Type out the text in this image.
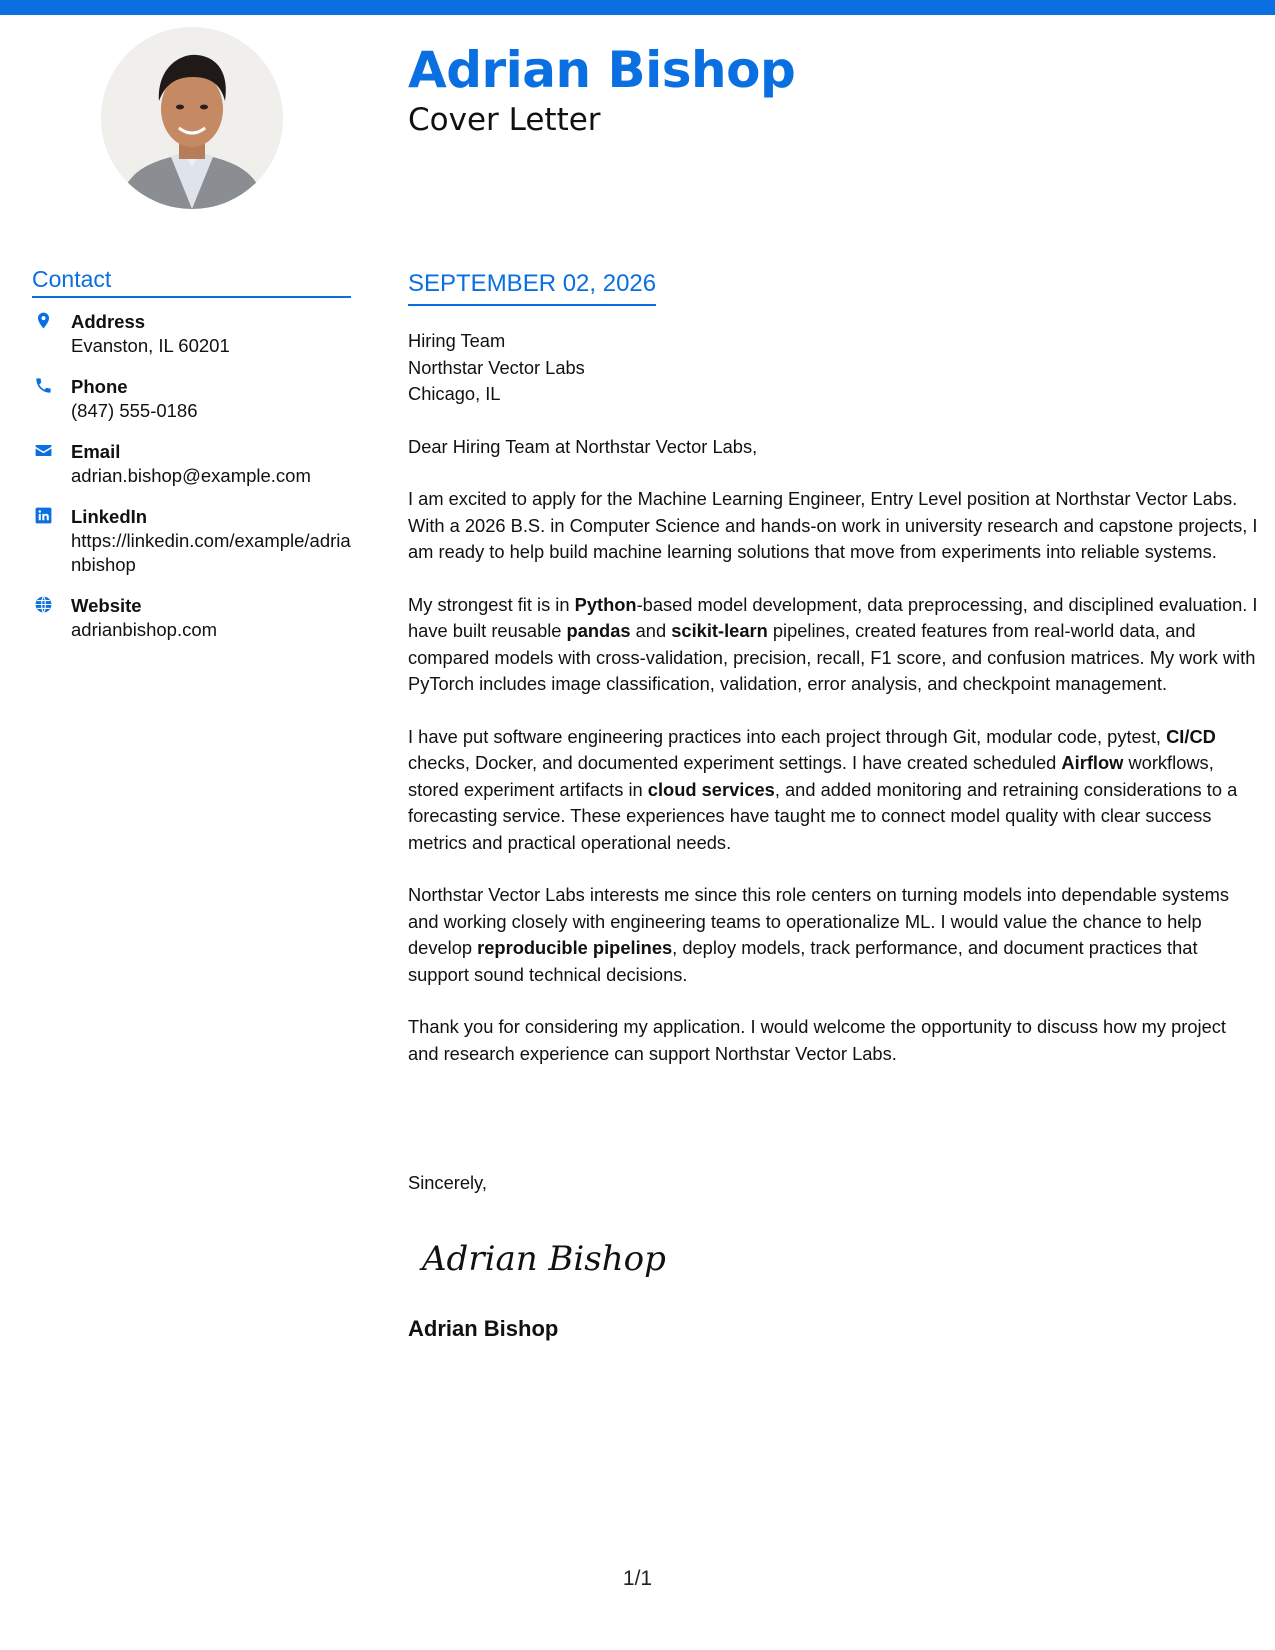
Adrian Bishop
Cover Letter
Contact
Address
Evanston, IL 60201
Phone
(847) 555-0186
Email
adrian.bishop@example.com
LinkedIn
https://linkedin.com/example/adrianbishop
Website
adrianbishop.com
SEPTEMBER 02, 2026
Hiring Team
Northstar Vector Labs
Chicago, IL

Dear Hiring Team at Northstar Vector Labs,

I am excited to apply for the Machine Learning Engineer, Entry Level position at Northstar Vector Labs. With a 2026 B.S. in Computer Science and hands-on work in university research and capstone projects, I am ready to help build machine learning solutions that move from experiments into reliable systems.

My strongest fit is in Python-based model development, data preprocessing, and disciplined evaluation. I have built reusable pandas and scikit-learn pipelines, created features from real-world data, and compared models with cross-validation, precision, recall, F1 score, and confusion matrices. My work with PyTorch includes image classification, validation, error analysis, and checkpoint management.

I have put software engineering practices into each project through Git, modular code, pytest, CI/CD checks, Docker, and documented experiment settings. I have created scheduled Airflow workflows, stored experiment artifacts in cloud services, and added monitoring and retraining considerations to a forecasting service. These experiences have taught me to connect model quality with clear success metrics and practical operational needs.

Northstar Vector Labs interests me since this role centers on turning models into dependable systems and working closely with engineering teams to operationalize ML. I would value the chance to help develop reproducible pipelines, deploy models, track performance, and document practices that support sound technical decisions.

Thank you for considering my application. I would welcome the opportunity to discuss how my project and research experience can support Northstar Vector Labs.

Sincerely,
Adrian Bishop
Adrian Bishop
1/1
